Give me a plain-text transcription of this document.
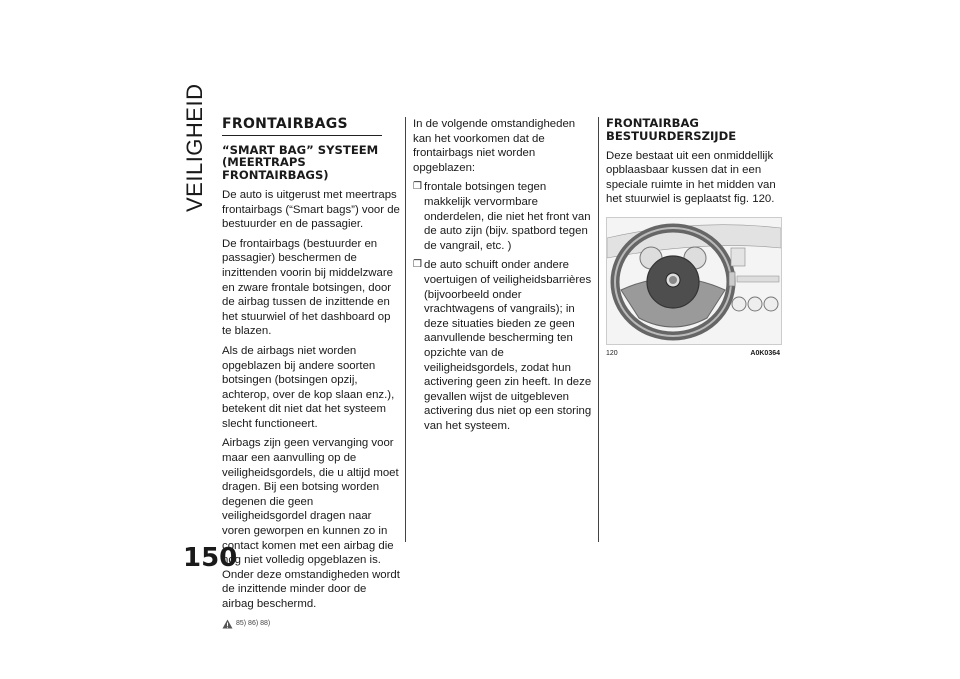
VEILIGHEID
150
FRONTAIRBAGS
“SMART BAG” SYSTEEM (MEERTRAPS FRONTAIRBAGS)

De auto is uitgerust met meertraps frontairbags (“Smart bags”) voor de bestuurder en de passagier.

De frontairbags (bestuurder en passagier) beschermen de inzittenden voorin bij middelzware en zware frontale botsingen, door de airbag tussen de inzittende en het stuurwiel of het dashboard op te blazen.

Als de airbags niet worden opgeblazen bij andere soorten botsingen (botsingen opzij, achterop, over de kop slaan enz.), betekent dit niet dat het systeem slecht functioneert.

Airbags zijn geen vervanging voor maar een aanvulling op de veiligheidsgordels, die u altijd moet dragen. Bij een botsing worden degenen die geen veiligheidsgordel dragen naar voren geworpen en kunnen zo in contact komen met een airbag die nog niet volledig opgeblazen is. Onder deze omstandigheden wordt de inzittende minder door de airbag beschermd.

85) 86) 88)

In de volgende omstandigheden kan het voorkomen dat de frontairbags niet worden opgeblazen:

❒ frontale botsingen tegen makkelijk vervormbare onderdelen, die niet het front van de auto zijn (bijv. spatbord tegen de vangrail, etc. )
❒ de auto schuift onder andere voertuigen of veiligheidsbarrières (bijvoorbeeld onder vrachtwagens of vangrails); in deze situaties bieden ze geen aanvullende bescherming ten opzichte van de veiligheidsgordels, zodat hun activering geen zin heeft. In deze gevallen wijst de uitgebleven activering dus niet op een storing van het systeem.
FRONTAIRBAG BESTUURDERSZIJDE

Deze bestaat uit een onmiddellijk opblaasbaar kussen dat in een speciale ruimte in het midden van het stuurwiel is geplaatst fig. 120.

120	A0K0364
